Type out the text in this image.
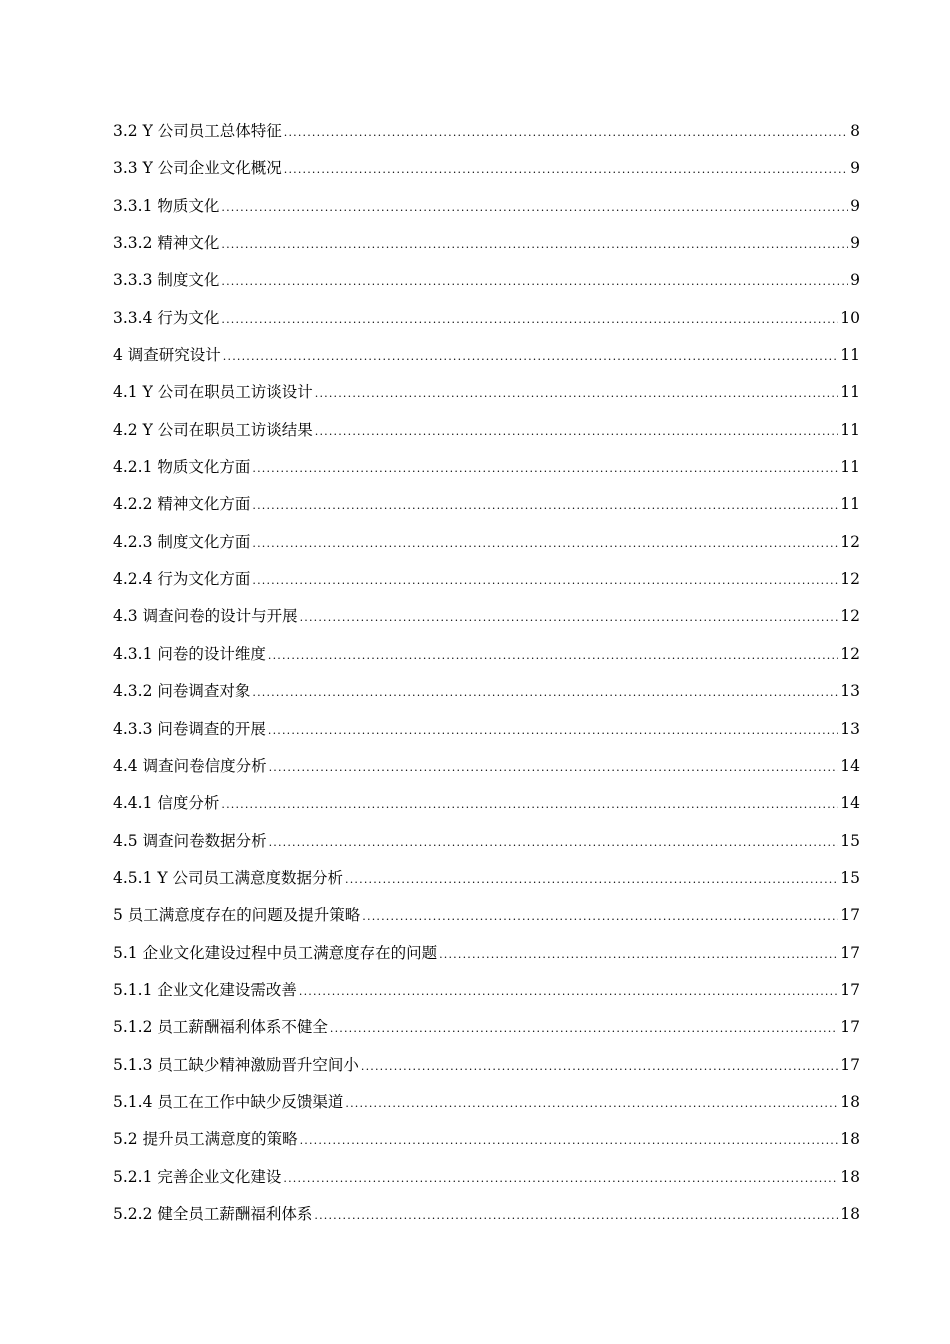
3.2 Y 公司员工总体特征 .....	8
3.3 Y 公司企业文化概况 .....	9
3.3.1 物质文化 .....	9
3.3.2 精神文化 .....	9
3.3.3 制度文化 .....	9
3.3.4 行为文化 .....	10
4 调查研究设计 .....	11
4.1 Y 公司在职员工访谈设计 .....	11
4.2 Y 公司在职员工访谈结果 .....	11
4.2.1 物质文化方面 .....	11
4.2.2 精神文化方面 .....	11
4.2.3 制度文化方面 .....	12
4.2.4 行为文化方面 .....	12
4.3 调查问卷的设计与开展 .....	12
4.3.1 问卷的设计维度 .....	12
4.3.2 问卷调查对象 .....	13
4.3.3 问卷调查的开展 .....	13
4.4 调查问卷信度分析 .....	14
4.4.1 信度分析 .....	14
4.5 调查问卷数据分析 .....	15
4.5.1 Y 公司员工满意度数据分析 .....	15
5 员工满意度存在的问题及提升策略 .....	17
5.1 企业文化建设过程中员工满意度存在的问题 .....	17
5.1.1 企业文化建设需改善 .....	17
5.1.2 员工薪酬福利体系不健全 .....	17
5.1.3 员工缺少精神激励晋升空间小 .....	17
5.1.4 员工在工作中缺少反馈渠道 .....	18
5.2 提升员工满意度的策略 .....	18
5.2.1 完善企业文化建设 .....	18
5.2.2 健全员工薪酬福利体系 .....	18
